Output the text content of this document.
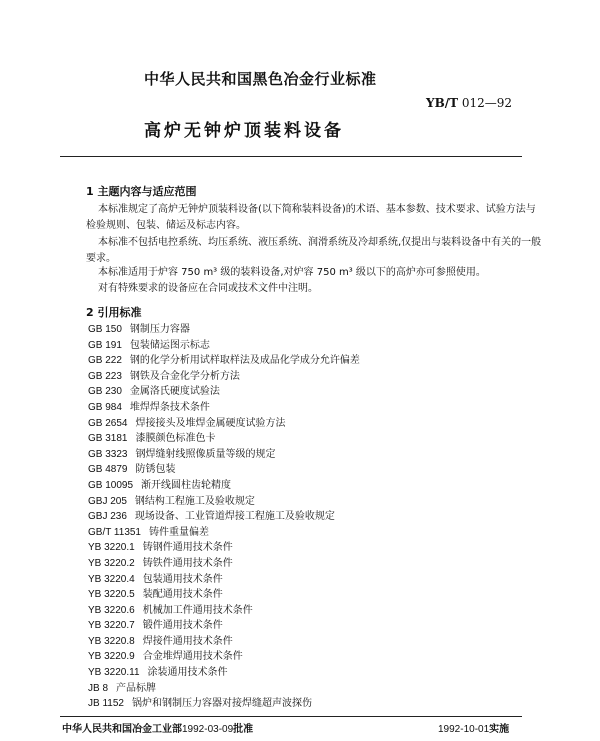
中华人民共和国黑色冶金行业标准
YB/T 012—92
高炉无钟炉顶装料设备
1 主题内容与适应范围
本标准规定了高炉无钟炉顶装料设备(以下简称装料设备)的术语、基本参数、技术要求、试验方法与检验规则、包装、储运及标志内容。
本标准不包括电控系统、均压系统、液压系统、润滑系统及冷却系统,仅提出与装料设备中有关的一般要求。
本标准适用于炉容 750 m³ 级的装料设备,对炉容 750 m³ 级以下的高炉亦可参照使用。
对有特殊要求的设备应在合同或技术文件中注明。
2 引用标准
GB 150 钢制压力容器
GB 191 包装储运图示标志
GB 222 钢的化学分析用试样取样法及成品化学成分允许偏差
GB 223 钢铁及合金化学分析方法
GB 230 金属洛氏硬度试验法
GB 984 堆焊焊条技术条件
GB 2654 焊接接头及堆焊金属硬度试验方法
GB 3181 漆膜颜色标准色卡
GB 3323 钢焊缝射线照像质量等级的规定
GB 4879 防锈包装
GB 10095 渐开线圆柱齿轮精度
GBJ 205 钢结构工程施工及验收规定
GBJ 236 现场设备、工业管道焊接工程施工及验收规定
GB/T 11351 铸件重量偏差
YB 3220.1 铸钢件通用技术条件
YB 3220.2 铸铁件通用技术条件
YB 3220.4 包装通用技术条件
YB 3220.5 装配通用技术条件
YB 3220.6 机械加工件通用技术条件
YB 3220.7 锻件通用技术条件
YB 3220.8 焊接件通用技术条件
YB 3220.9 合金堆焊通用技术条件
YB 3220.11 涂装通用技术条件
JB 8 产品标牌
JB 1152 锅炉和钢制压力容器对接焊缝超声波探伤
中华人民共和国冶金工业部1992-03-09批准	1992-10-01实施
